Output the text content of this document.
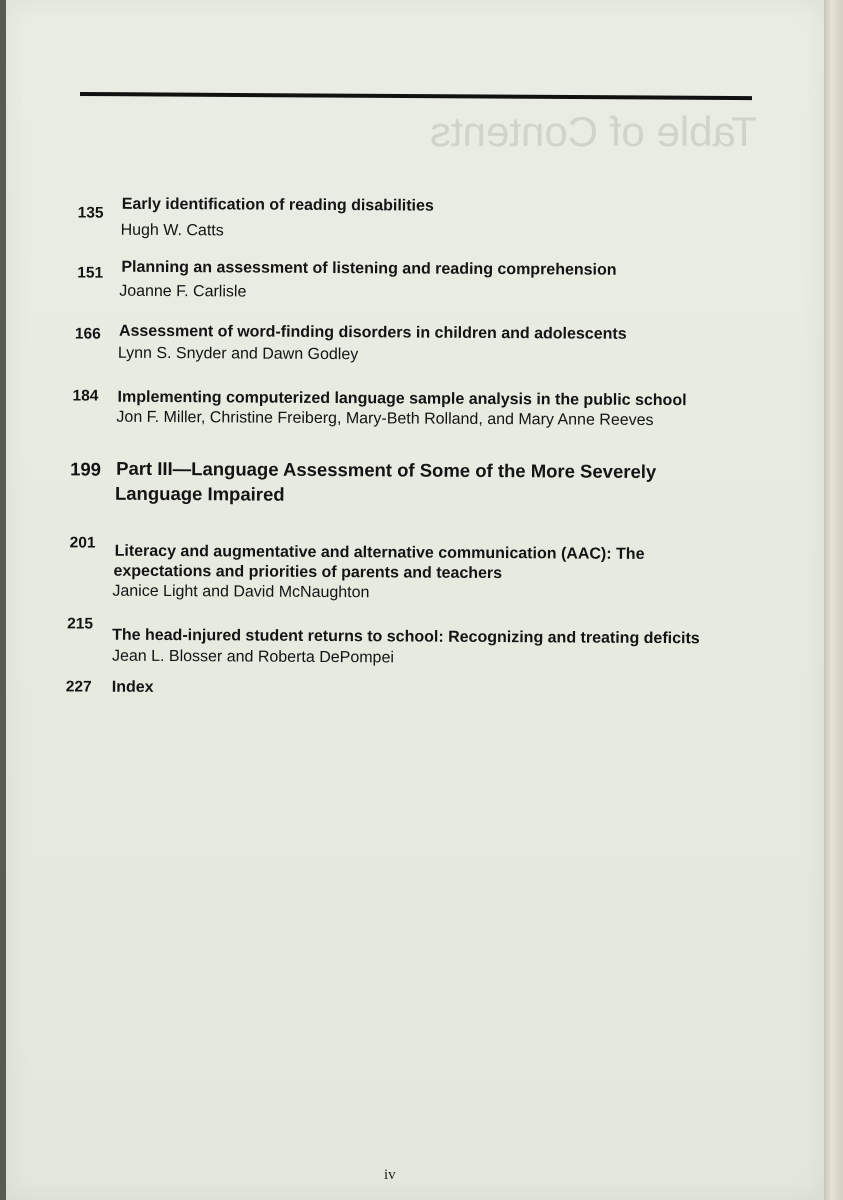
Table of Contents
135 Early identification of reading disabilities
Hugh W. Catts
151 Planning an assessment of listening and reading comprehension
Joanne F. Carlisle
166 Assessment of word-finding disorders in children and adolescents
Lynn S. Snyder and Dawn Godley
184 Implementing computerized language sample analysis in the public school
Jon F. Miller, Christine Freiberg, Mary-Beth Rolland, and Mary Anne Reeves
199 Part III—Language Assessment of Some of the More Severely
Language Impaired
201 Literacy and augmentative and alternative communication (AAC): The
expectations and priorities of parents and teachers
Janice Light and David McNaughton
215
The head-injured student returns to school: Recognizing and treating deficits
Jean L. Blosser and Roberta DePompei
227 Index
iv
